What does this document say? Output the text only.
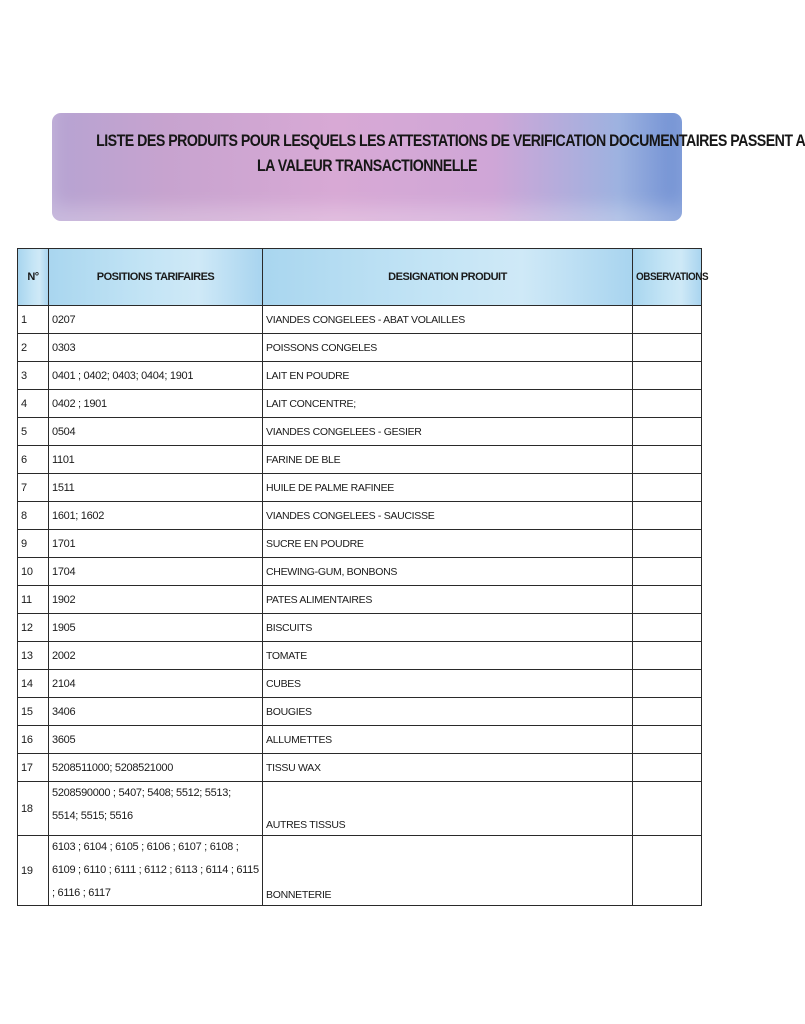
LISTE DES PRODUITS POUR LESQUELS LES ATTESTATIONS DE VERIFICATION DOCUMENTAIRES PASSENT A
LA VALEUR TRANSACTIONNELLE
N°	POSITIONS TARIFAIRES	DESIGNATION PRODUIT	OBSERVATIONS
1	0207	VIANDES CONGELEES - ABAT VOLAILLES	
2	0303	POISSONS CONGELES	
3	0401 ; 0402; 0403; 0404; 1901	LAIT EN POUDRE	
4	0402 ; 1901	LAIT CONCENTRE;	
5	0504	VIANDES CONGELEES - GESIER	
6	1101	FARINE DE BLE	
7	1511	HUILE DE PALME RAFINEE	
8	1601; 1602	VIANDES CONGELEES - SAUCISSE	
9	1701	SUCRE EN POUDRE	
10	1704	CHEWING-GUM, BONBONS	
11	1902	PATES ALIMENTAIRES	
12	1905	BISCUITS	
13	2002	TOMATE	
14	2104	CUBES	
15	3406	BOUGIES	
16	3605	ALLUMETTES	
17	5208511000; 5208521000	TISSU WAX	
18	5208590000 ; 5407; 5408; 5512; 5513; 5514; 5515; 5516	AUTRES TISSUS	
19	6103 ; 6104 ; 6105 ; 6106 ; 6107 ; 6108 ; 6109 ; 6110 ; 6111 ; 6112 ; 6113 ; 6114 ; 6115 ; 6116 ; 6117	BONNETERIE	
